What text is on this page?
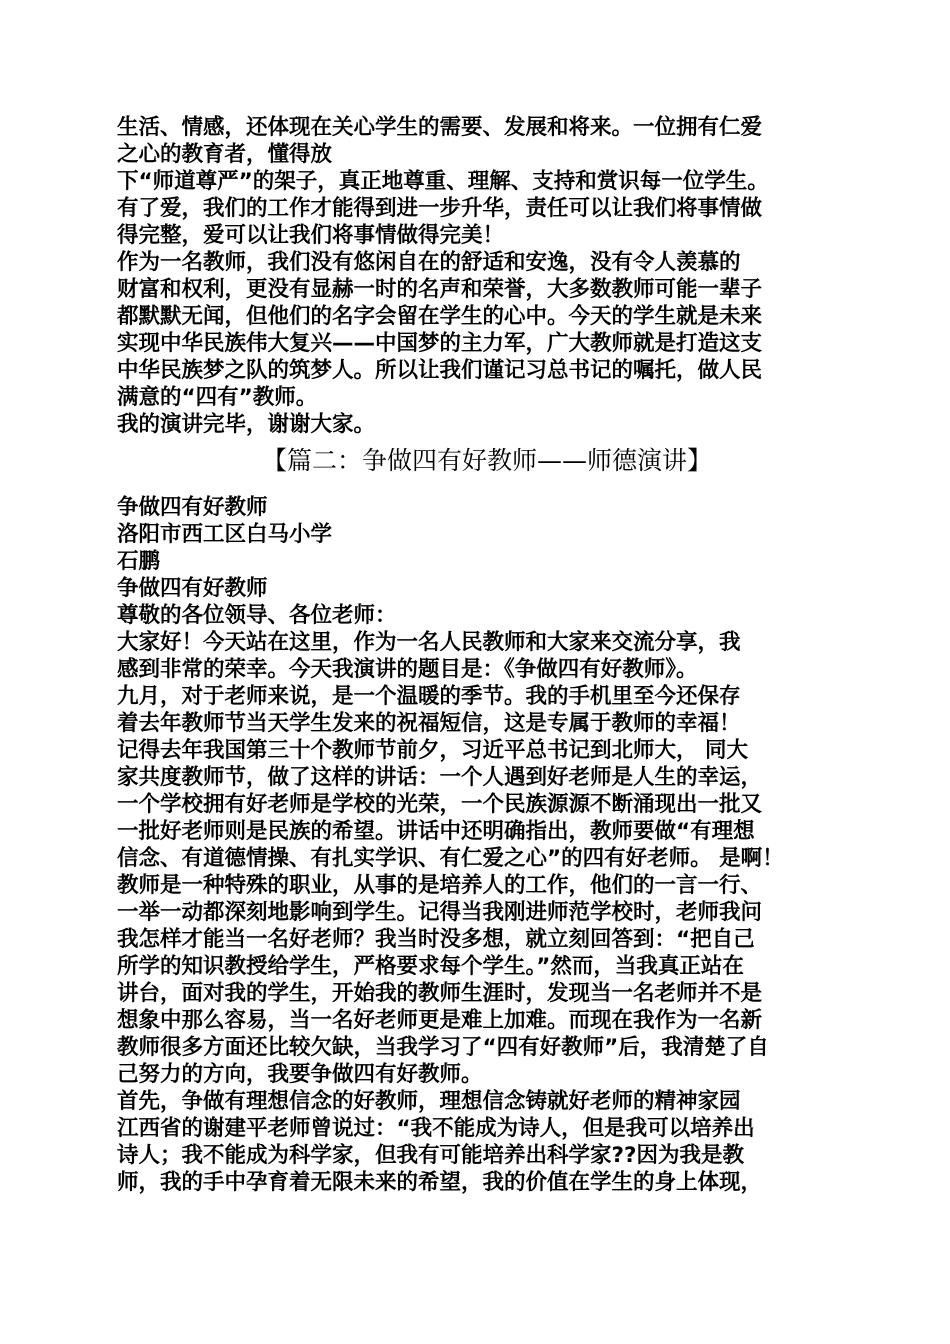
生活、情感，还体现在关心学生的需要、发展和将来。一位拥有仁爱
之心的教育者，懂得放
下“师道尊严”的架子，真正地尊重、理解、支持和赏识每一位学生。
有了爱，我们的工作才能得到进一步升华，责任可以让我们将事情做
得完整，爱可以让我们将事情做得完美！
作为一名教师，我们没有悠闲自在的舒适和安逸，没有令人羡慕的
财富和权利，更没有显赫一时的名声和荣誉，大多数教师可能一辈子
都默默无闻，但他们的名字会留在学生的心中。今天的学生就是未来
实现中华民族伟大复兴——中国梦的主力军，广大教师就是打造这支
中华民族梦之队的筑梦人。所以让我们谨记习总书记的嘱托，做人民
满意的“四有”教师。
我的演讲完毕，谢谢大家。
【篇二：争做四有好教师——师德演讲】
争做四有好教师
洛阳市西工区白马小学
石鹏
争做四有好教师
尊敬的各位领导、各位老师：
大家好！今天站在这里，作为一名人民教师和大家来交流分享，我
感到非常的荣幸。今天我演讲的题目是：《争做四有好教师》。
九月，对于老师来说，是一个温暖的季节。我的手机里至今还保存
着去年教师节当天学生发来的祝福短信，这是专属于教师的幸福！
记得去年我国第三十个教师节前夕，习近平总书记到北师大， 同大
家共度教师节，做了这样的讲话：一个人遇到好老师是人生的幸运，
一个学校拥有好老师是学校的光荣，一个民族源源不断涌现出一批又
一批好老师则是民族的希望。讲话中还明确指出，教师要做“有理想
信念、有道德情操、有扎实学识、有仁爱之心”的四有好老师。 是啊！
教师是一种特殊的职业，从事的是培养人的工作，他们的一言一行、
一举一动都深刻地影响到学生。记得当我刚进师范学校时，老师我问
我怎样才能当一名好老师？我当时没多想，就立刻回答到：“把自己
所学的知识教授给学生，严格要求每个学生。”然而，当我真正站在
讲台，面对我的学生，开始我的教师生涯时，发现当一名老师并不是
想象中那么容易，当一名好老师更是难上加难。而现在我作为一名新
教师很多方面还比较欠缺，当我学习了“四有好教师”后，我清楚了自
己努力的方向，我要争做四有好教师。
首先，争做有理想信念的好教师，理想信念铸就好老师的精神家园
江西省的谢建平老师曾说过：“我不能成为诗人，但是我可以培养出
诗人；我不能成为科学家，但我有可能培养出科学家??因为我是教
师，我的手中孕育着无限未来的希望，我的价值在学生的身上体现，
